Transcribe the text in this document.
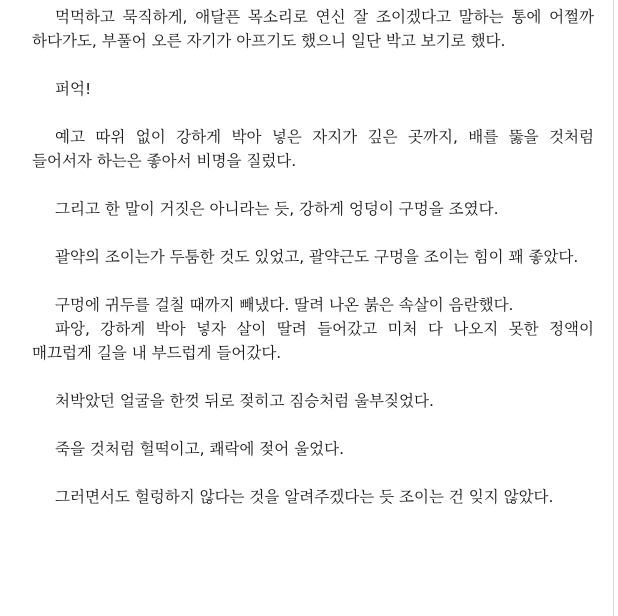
먹먹하고 묵직하게, 애달픈 목소리로 연신 잘 조이겠다고 말하는 통에 어쩔까 하다가도, 부풀어 오른 자기가 아프기도 했으니 일단 박고 보기로 했다.

퍼억!

예고 따위 없이 강하게 박아 넣은 자지가 깊은 곳까지, 배를 뚫을 것처럼 들어서자 하는은 좋아서 비명을 질렀다.

그리고 한 말이 거짓은 아니라는 듯, 강하게 엉덩이 구멍을 조였다.

괄약의 조이는가 두툼한 것도 있었고, 괄약근도 구멍을 조이는 힘이 꽤 좋았다.

구멍에 귀두를 걸칠 때까지 빼냈다. 딸려 나온 붉은 속살이 음란했다.

파앙, 강하게 박아 넣자 살이 딸려 들어갔고 미처 다 나오지 못한 정액이 매끄럽게 길을 내 부드럽게 들어갔다.

처박았던 얼굴을 한껏 뒤로 젖히고 짐승처럼 울부짖었다.

죽을 것처럼 헐떡이고, 쾌락에 젖어 울었다.

그러면서도 헐렁하지 않다는 것을 알려주겠다는 듯 조이는 건 잊지 않았다.
